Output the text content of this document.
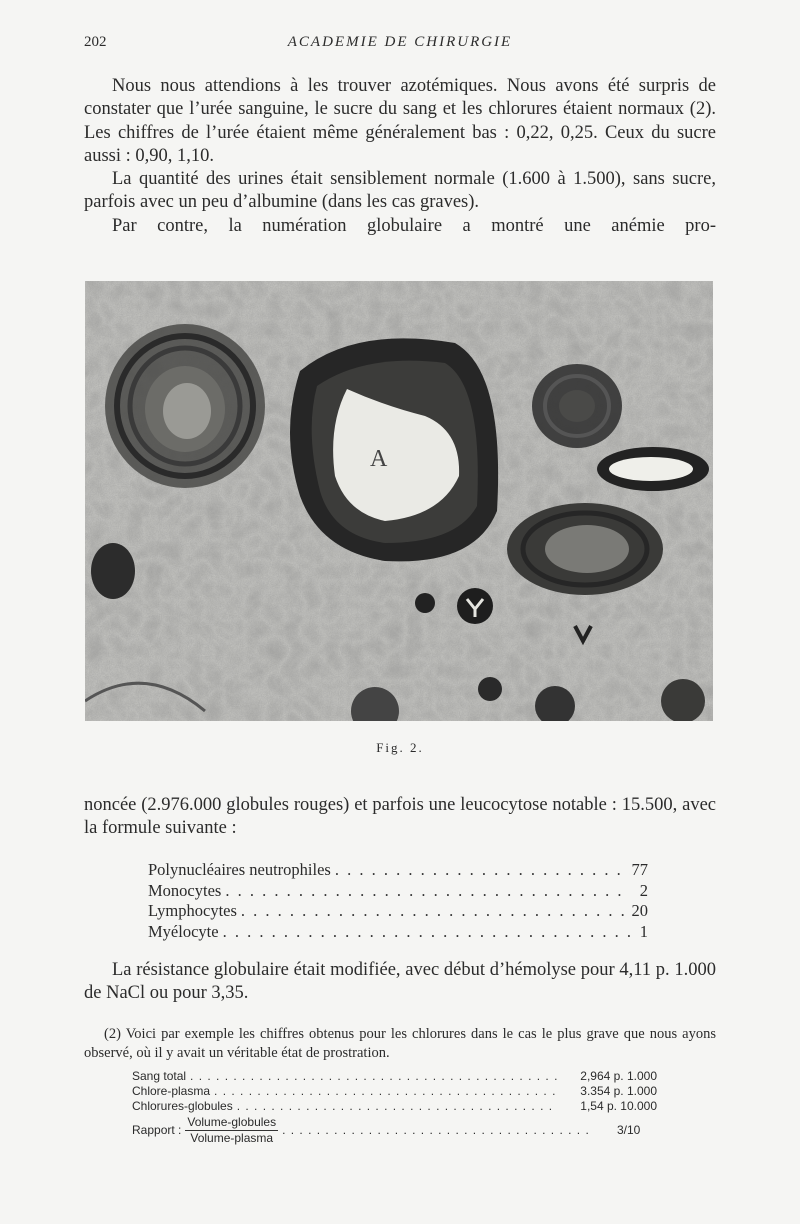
202	ACADEMIE DE CHIRURGIE

Nous nous attendions à les trouver azotémiques. Nous avons été surpris de constater que l’urée sanguine, le sucre du sang et les chlorures étaient normaux (2). Les chiffres de l’urée étaient même généralement bas : 0,22, 0,25. Ceux du sucre aussi : 0,90, 1,10.

La quantité des urines était sensiblement normale (1.600 à 1.500), sans sucre, parfois avec un peu d’albumine (dans les cas graves).

Par contre, la numération globulaire a montré une anémie pro-

A
Fig. 2.

noncée (2.976.000 globules rouges) et parfois une leucocytose notable : 15.500, avec la formule suivante :

Polynucléaires neutrophiles . . .	77
Monocytes . . .	2
Lymphocytes . . .	20
Myélocyte . . .	1

La résistance globulaire était modifiée, avec début d’hémolyse pour 4,11 p. 1.000 de NaCl ou pour 3,35.

(2) Voici par exemple les chiffres obtenus pour les chlorures dans le cas le plus grave que nous ayons observé, où il y avait un véritable état de prostration.

Sang total . . .	2,964 p. 1.000
Chlore-plasma . . .	3.354 p. 1.000
Chlorures-globules . . .	1,54 p. 10.000
Rapport : $\frac{\text{Volume-globules}}{\text{Volume-plasma}}$ . . .	3/10
